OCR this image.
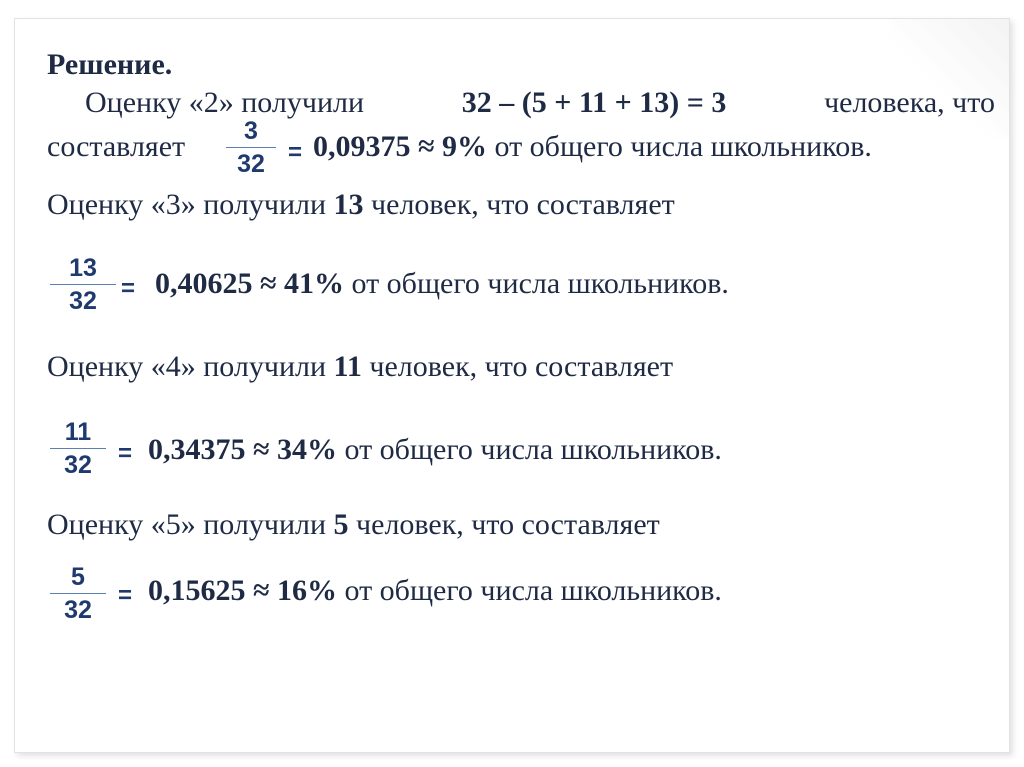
Решение.
Оценку «2» получили	32 – (5 + 11 + 13) = 3	человека, что
составляет	3
32 = 0,09375 ≈ 9% от общего числа школьников.
Оценку «3» получили 13 человек, что составляет
13
32	= 0,40625 ≈ 41% от общего числа школьников.
Оценку «4» получили 11 человек, что составляет
11
32	= 0,34375 ≈ 34% от общего числа школьников.
Оценку «5» получили 5 человек, что составляет
5
32
= 0,15625 ≈ 16% от общего числа школьников.
